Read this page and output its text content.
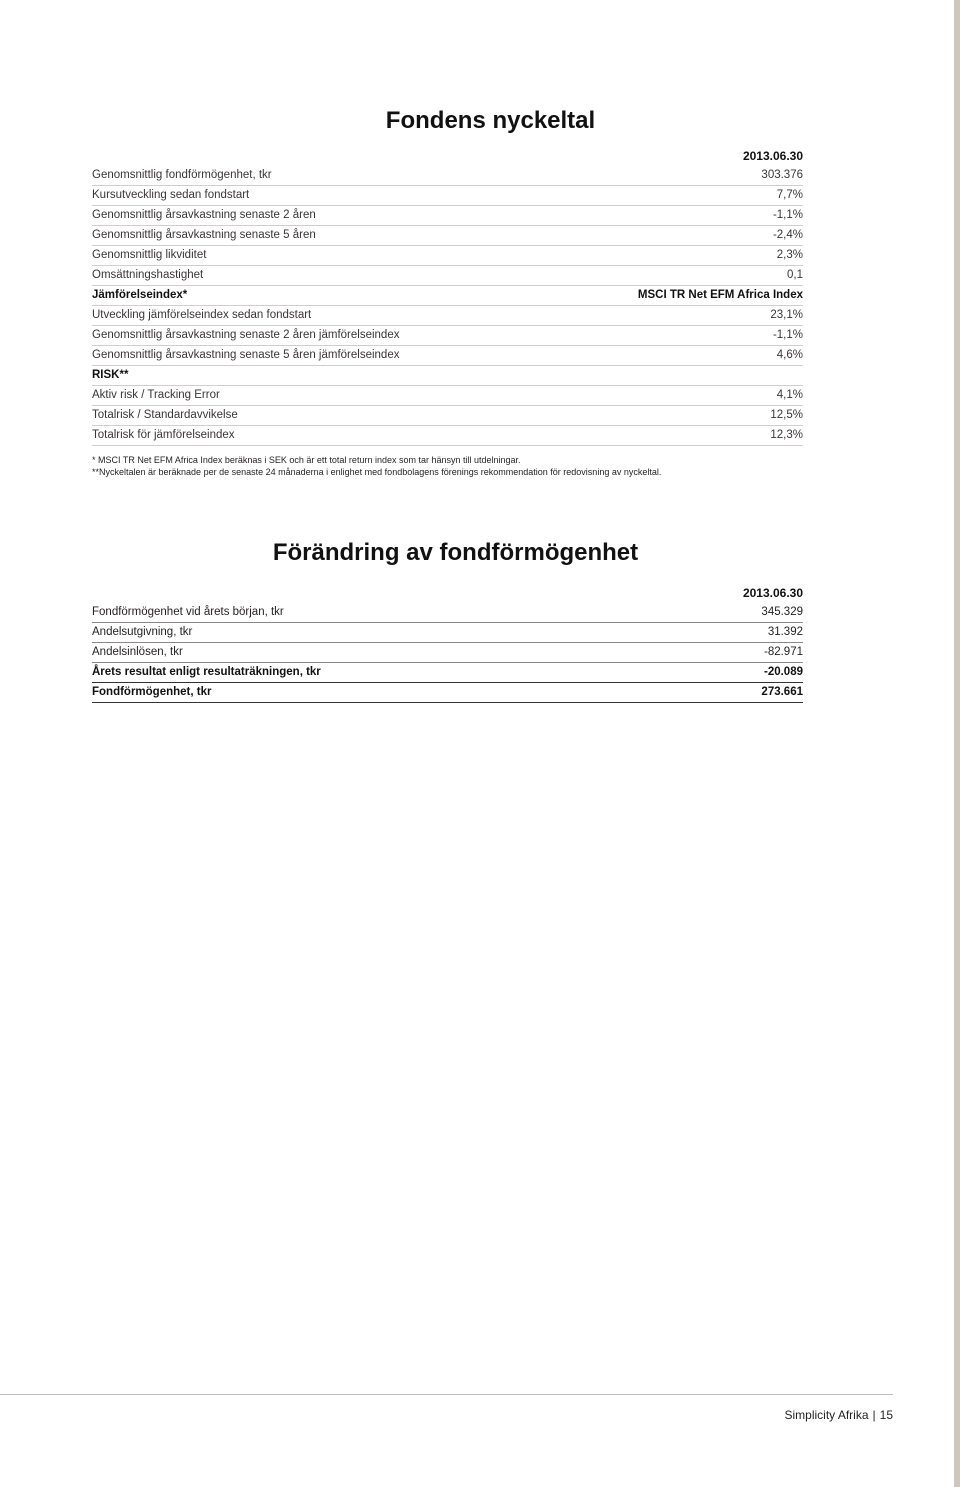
Fondens nyckeltal
2013.06.30
Genomsnittlig fondförmögenhet, tkr	303.376
Kursutveckling sedan fondstart	7,7%
Genomsnittlig årsavkastning senaste 2 åren	-1,1%
Genomsnittlig årsavkastning senaste 5 åren	-2,4%
Genomsnittlig likviditet	2,3%
Omsättningshastighet	0,1
Jämförelseindex*	MSCI TR Net EFM Africa Index
Utveckling jämförelseindex sedan fondstart	23,1%
Genomsnittlig årsavkastning senaste 2 åren jämförelseindex	-1,1%
Genomsnittlig årsavkastning senaste 5 åren jämförelseindex	4,6%
RISK**	
Aktiv risk / Tracking Error	4,1%
Totalrisk / Standardavvikelse	12,5%
Totalrisk för jämförelseindex	12,3%
* MSCI TR Net EFM Africa Index beräknas i SEK och är ett total return index som tar hänsyn till utdelningar.
**Nyckeltalen är beräknade per de senaste 24 månaderna i enlighet med fondbolagens förenings rekommendation för redovisning av nyckeltal.
Förändring av fondförmögenhet
2013.06.30
Fondförmögenhet vid årets början, tkr	345.329
Andelsutgivning, tkr	31.392
Andelsinlösen, tkr	-82.971
Årets resultat enligt resultaträkningen, tkr	-20.089
Fondförmögenhet, tkr	273.661
Simplicity Afrika | 15
